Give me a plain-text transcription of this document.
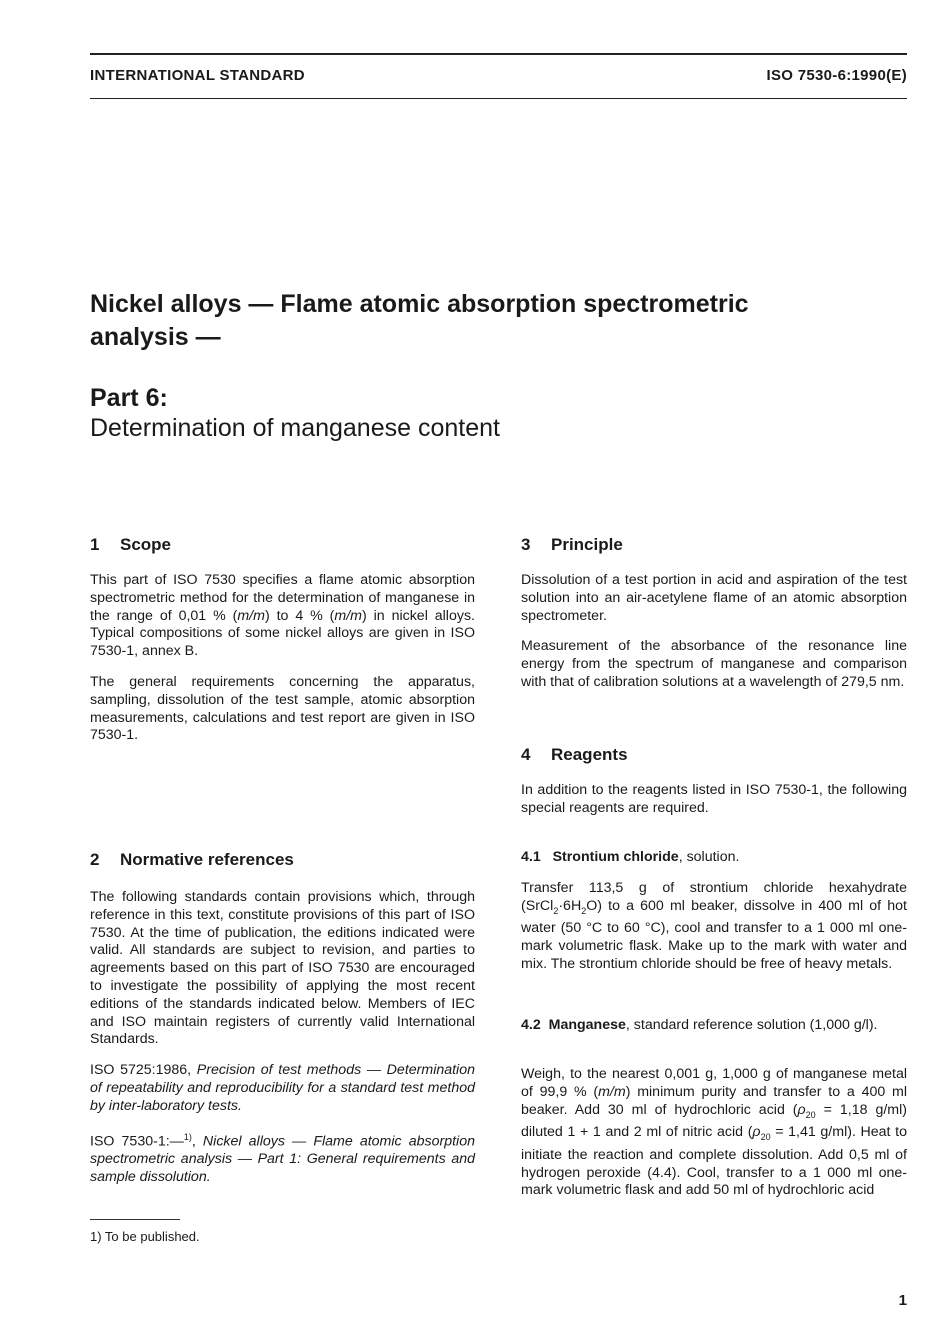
INTERNATIONAL STANDARD	ISO 7530-6:1990(E)
Nickel alloys — Flame atomic absorption spectrometric
analysis —
Part 6:
Determination of manganese content
1 Scope

This part of ISO 7530 specifies a flame atomic absorption spectrometric method for the determination of manganese in the range of 0,01 % (m/m) to 4 % (m/m) in nickel alloys. Typical compositions of some nickel alloys are given in ISO 7530-1, annex B.

The general requirements concerning the apparatus, sampling, dissolution of the test sample, atomic absorption measurements, calculations and test report are given in ISO 7530-1.

2 Normative references

The following standards contain provisions which, through reference in this text, constitute provisions of this part of ISO 7530. At the time of publication, the editions indicated were valid. All standards are subject to revision, and parties to agreements based on this part of ISO 7530 are encouraged to investigate the possibility of applying the most recent editions of the standards indicated below. Members of IEC and ISO maintain registers of currently valid International Standards.

ISO 5725:1986, Precision of test methods — Determination of repeatability and reproducibility for a standard test method by inter-laboratory tests.

ISO 7530-1:—$^{1)}$, Nickel alloys — Flame atomic absorption spectrometric analysis — Part 1: General requirements and sample dissolution.

1) To be published.
3 Principle

Dissolution of a test portion in acid and aspiration of the test solution into an air-acetylene flame of an atomic absorption spectrometer.

Measurement of the absorbance of the resonance line energy from the spectrum of manganese and comparison with that of calibration solutions at a wavelength of 279,5 nm.

4 Reagents
In addition to the reagents listed in ISO 7530-1, the following special reagents are required.
4.1 Strontium chloride, solution.

Transfer 113,5 g of strontium chloride hexahydrate $(SrCl_2\cdot 6H_2O)$ to a 600 ml beaker, dissolve in 400 ml of hot water (50 °C to 60 °C), cool and transfer to a 1 000 ml one-mark volumetric flask. Make up to the mark with water and mix. The strontium chloride should be free of heavy metals.

4.2 Manganese, standard reference solution (1,000 g/l).

Weigh, to the nearest 0,001 g, 1,000 g of manganese metal of 99,9 % (m/m) minimum purity and transfer to a 400 ml beaker. Add 30 ml of hydrochloric acid ($\rho_{20} = 1,18$ g/ml) diluted 1 + 1 and 2 ml of nitric acid ($\rho_{20} = 1,41$ g/ml). Heat to initiate the reaction and complete dissolution. Add 0,5 ml of hydrogen peroxide (4.4). Cool, transfer to a 1 000 ml one-mark volumetric flask and add 50 ml of hydrochloric acid

1
